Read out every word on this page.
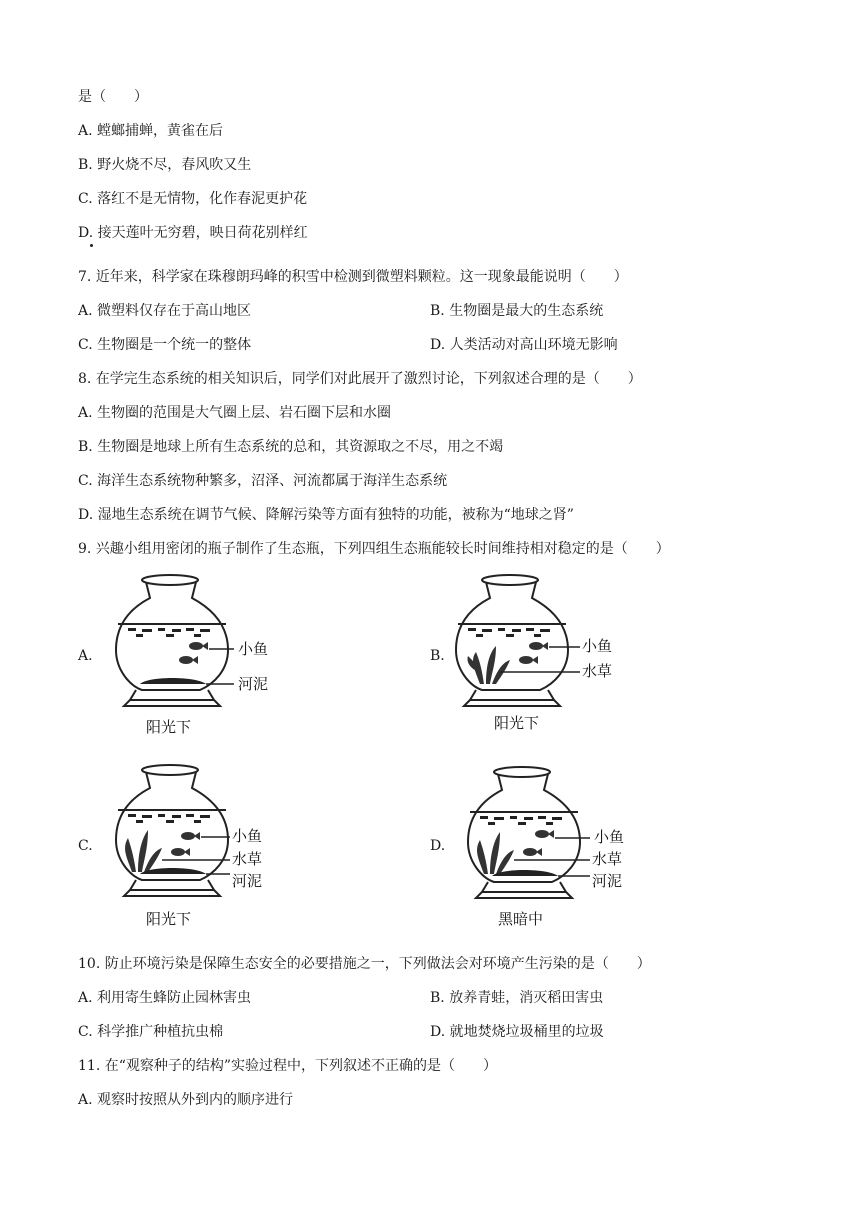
是（　　）
A. 螳螂捕蝉，黄雀在后
B. 野火烧不尽，春风吹又生
C. 落红不是无情物，化作春泥更护花
D. 接天莲叶无穷碧，映日荷花别样红
7. 近年来，科学家在珠穆朗玛峰的积雪中检测到微塑料颗粒。这一现象最能说明（　　）
A. 微塑料仅存在于高山地区	B. 生物圈是最大的生态系统
C. 生物圈是一个统一的整体	D. 人类活动对高山环境无影响
8. 在学完生态系统的相关知识后，同学们对此展开了激烈讨论，下列叙述合理的是（　　）
A. 生物圈的范围是大气圈上层、岩石圈下层和水圈
B. 生物圈是地球上所有生态系统的总和，其资源取之不尽，用之不竭
C. 海洋生态系统物种繁多，沼泽、河流都属于海洋生态系统
D. 湿地生态系统在调节气候、降解污染等方面有独特的功能，被称为“地球之肾”
9. 兴趣小组用密闭的瓶子制作了生态瓶，下列四组生态瓶能较长时间维持相对稳定的是（　　）
A.	小鱼
河泥
阳光下
B.
小鱼
水草
阳光下
C.
小鱼
水草
河泥
阳光下
D.	小鱼
水草
河泥
黑暗中
10. 防止环境污染是保障生态安全的必要措施之一，下列做法会对环境产生污染的是（　　）
A. 利用寄生蜂防止园林害虫	B. 放养青蛙，消灭稻田害虫
C. 科学推广种植抗虫棉	D. 就地焚烧垃圾桶里的垃圾
11. 在“观察种子的结构”实验过程中，下列叙述不正确的是（　　）
A. 观察时按照从外到内的顺序进行
